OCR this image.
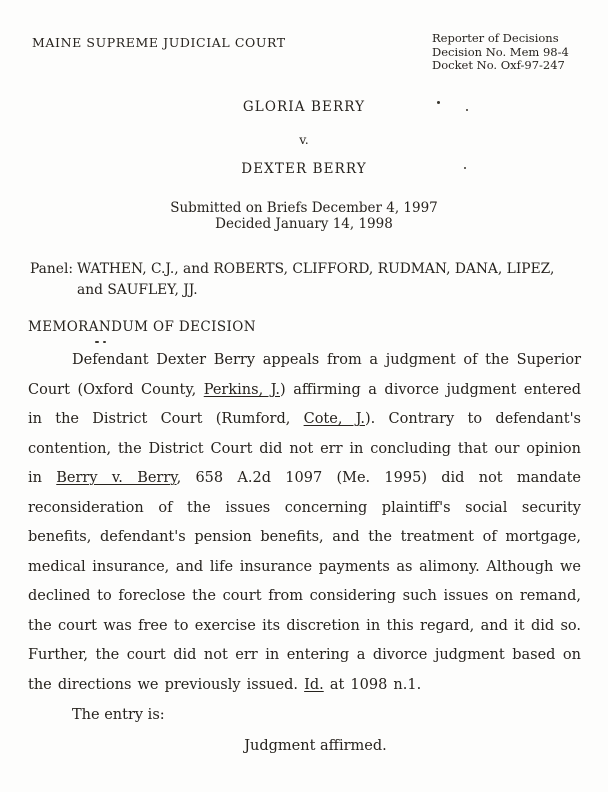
MAINE SUPREME JUDICIAL COURT	Reporter of Decisions
Decision No. Mem 98-4
Docket No. Oxf-97-247
GLORIA BERRY
v.
DEXTER BERRY
Submitted on Briefs December 4, 1997
Decided January 14, 1998
Panel: WATHEN, C.J., and ROBERTS, CLIFFORD, RUDMAN, DANA, LIPEZ,
and SAUFLEY, JJ.
MEMORANDUM OF DECISION

Defendant Dexter Berry appeals from a judgment of the Superior Court (Oxford County, Perkins, J.) affirming a divorce judgment entered in the District Court (Rumford, Cote, J.). Contrary to defendant's contention, the District Court did not err in concluding that our opinion in Berry v. Berry, 658 A.2d 1097 (Me. 1995) did not mandate reconsideration of the issues concerning plaintiff's social security benefits, defendant's pension benefits, and the treatment of mortgage, medical insurance, and life insurance payments as alimony. Although we declined to foreclose the court from considering such issues on remand, the court was free to exercise its discretion in this regard, and it did so. Further, the court did not err in entering a divorce judgment based on the directions we previously issued. Id. at 1098 n.1.

The entry is:
Judgment affirmed.
